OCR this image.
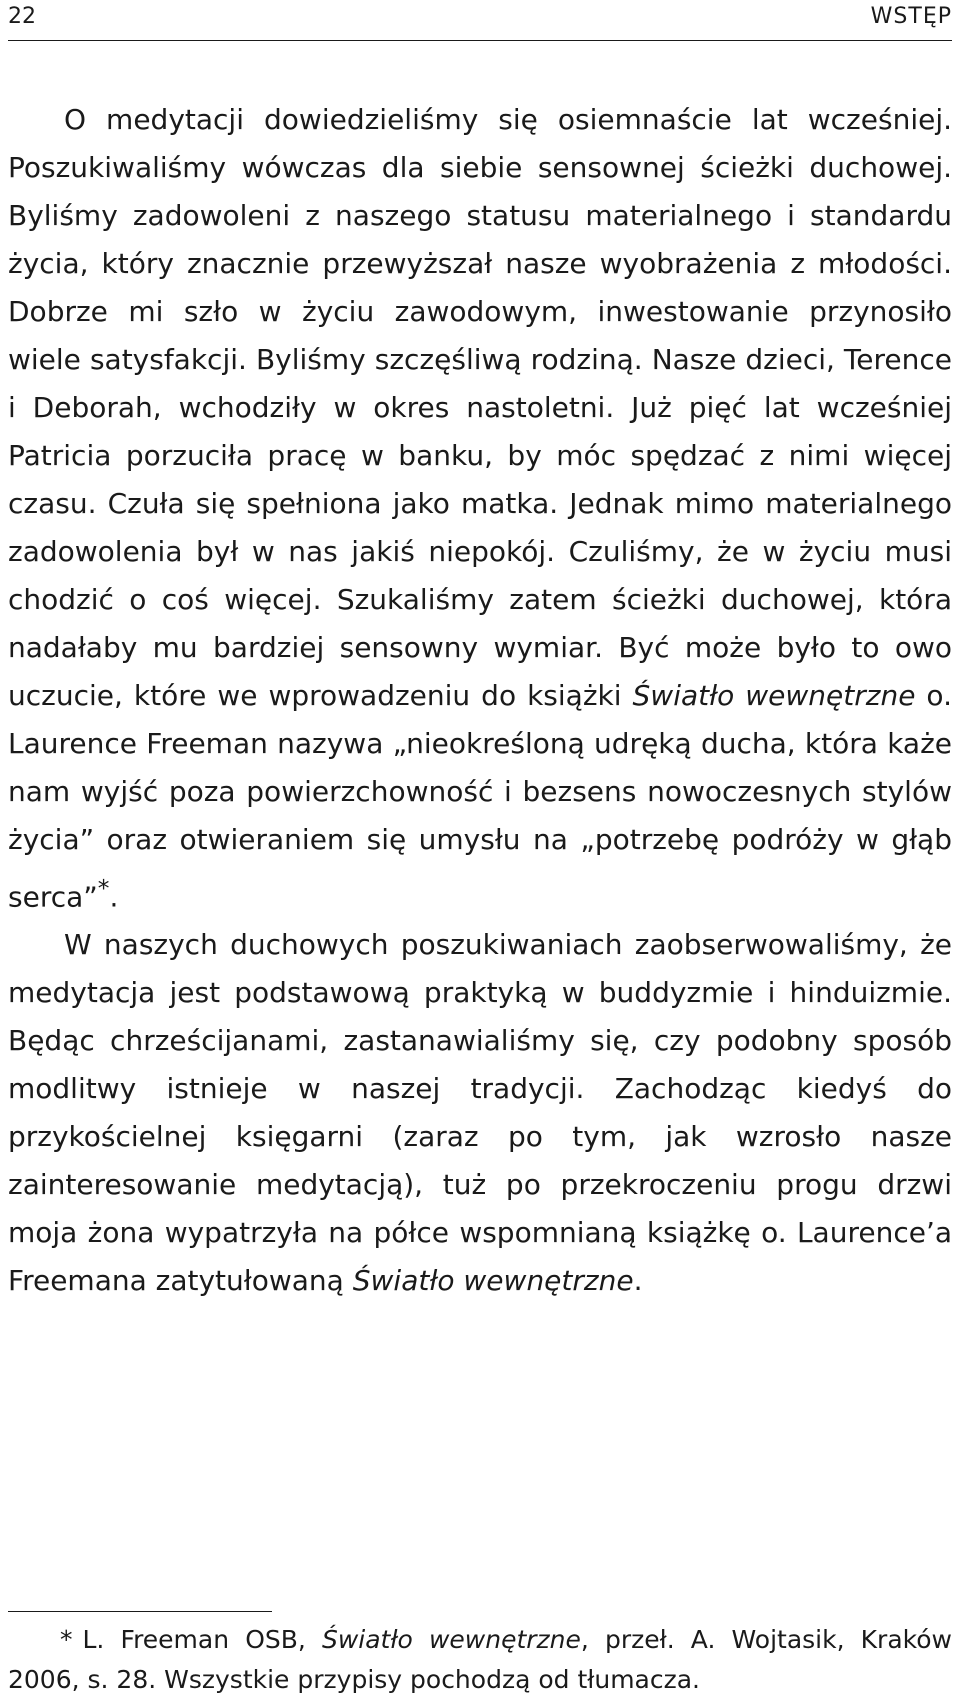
22	WSTĘP

O medytacji dowiedzieliśmy się osiemnaście lat wcześniej. Poszukiwaliśmy wówczas dla siebie sensownej ścieżki duchowej. Byliśmy zadowoleni z naszego statusu materialnego i standardu życia, który znacznie przewyższał nasze wyobrażenia z młodości. Dobrze mi szło w życiu zawodowym, inwestowanie przynosiło wiele satysfakcji. Byliśmy szczęśliwą rodziną. Nasze dzieci, Terence i Deborah, wchodziły w okres nastoletni. Już pięć lat wcześniej Patricia porzuciła pracę w banku, by móc spędzać z nimi więcej czasu. Czuła się spełniona jako matka. Jednak mimo materialnego zadowolenia był w nas jakiś niepokój. Czuliśmy, że w życiu musi chodzić o coś więcej. Szukaliśmy zatem ścieżki duchowej, która nadałaby mu bardziej sensowny wymiar. Być może było to owo uczucie, które we wprowadzeniu do książki Światło wewnętrzne o. Laurence Freeman nazywa „nieokreśloną udręką ducha, która każe nam wyjść poza powierzchowność i bezsens nowoczesnych stylów życia” oraz otwieraniem się umysłu na „potrzebę podróży w głąb serca”*.

W naszych duchowych poszukiwaniach zaobserwowaliśmy, że medytacja jest podstawową praktyką w buddyzmie i hinduizmie. Będąc chrześcijanami, zastanawialiśmy się, czy podobny sposób modlitwy istnieje w naszej tradycji. Zachodząc kiedyś do przykościelnej księgarni (zaraz po tym, jak wzrosło nasze zainteresowanie medytacją), tuż po przekroczeniu progu drzwi moja żona wypatrzyła na półce wspomnianą książkę o. Laurence’a Freemana zatytułowaną Światło wewnętrzne.

* L. Freeman OSB, Światło wewnętrzne, przeł. A. Wojtasik, Kraków 2006, s. 28. Wszystkie przypisy pochodzą od tłumacza.
